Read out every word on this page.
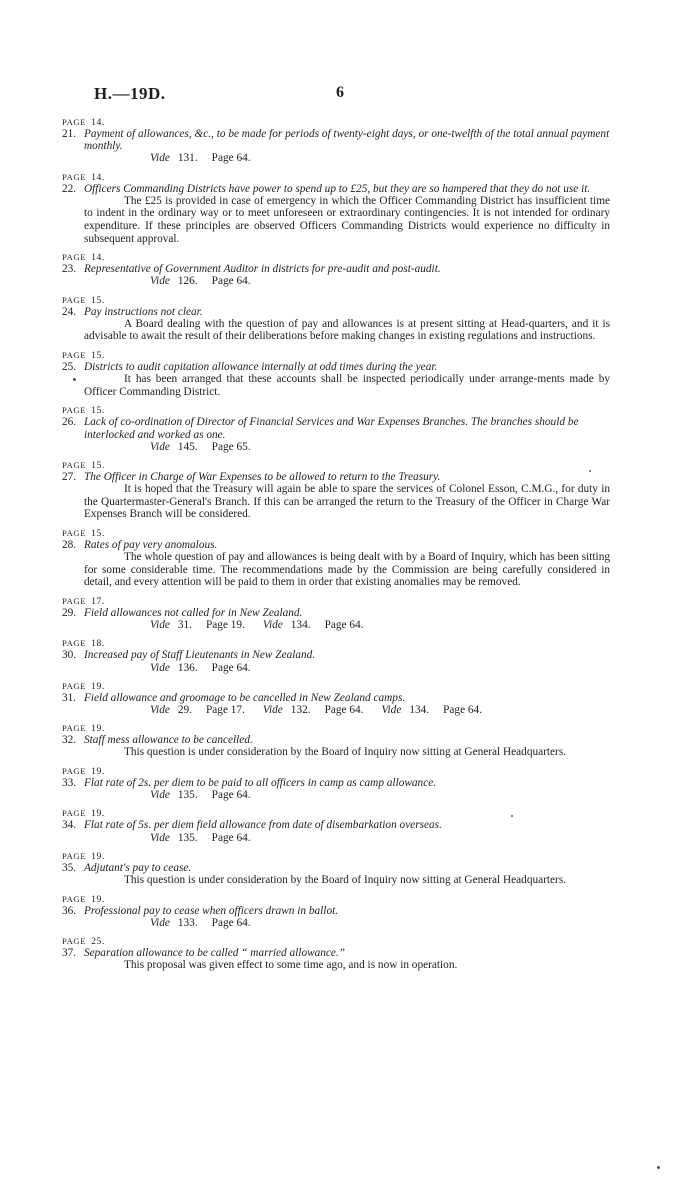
H.—19D.	6

PAGE 14.

21. Payment of allowances, &c., to be made for periods of twenty-eight days, or one-twelfth of the total annual payment monthly.

Vide 131. Page 64.

PAGE 14.

22. Officers Commanding Districts have power to spend up to £25, but they are so hampered that they do not use it.

The £25 is provided in case of emergency in which the Officer Commanding District has insufficient time to indent in the ordinary way or to meet unforeseen or extraordinary contingencies. It is not intended for ordinary expenditure. If these principles are observed Officers Commanding Districts would experience no difficulty in subsequent approval.

PAGE 14.

23. Representative of Government Auditor in districts for pre-audit and post-audit.

Vide 126. Page 64.

PAGE 15.

24. Pay instructions not clear.

A Board dealing with the question of pay and allowances is at present sitting at Head-quarters, and it is advisable to await the result of their deliberations before making changes in existing regulations and instructions.

PAGE 15.

25. Districts to audit capitation allowance internally at odd times during the year.

It has been arranged that these accounts shall be inspected periodically under arrange-ments made by Officer Commanding District.

PAGE 15.

26. Lack of co-ordination of Director of Financial Services and War Expenses Branches. The branches should be interlocked and worked as one.

Vide 145. Page 65.

PAGE 15.

27. The Officer in Charge of War Expenses to be allowed to return to the Treasury.

It is hoped that the Treasury will again be able to spare the services of Colonel Esson, C.M.G., for duty in the Quartermaster-General's Branch. If this can be arranged the return to the Treasury of the Officer in Charge War Expenses Branch will be considered.

PAGE 15.

28. Rates of pay very anomalous.

The whole question of pay and allowances is being dealt with by a Board of Inquiry, which has been sitting for some considerable time. The recommendations made by the Commission are being carefully considered in detail, and every attention will be paid to them in order that existing anomalies may be removed.

PAGE 17.

29. Field allowances not called for in New Zealand.

Vide 31. Page 19. Vide 134. Page 64.

PAGE 18.

30. Increased pay of Staff Lieutenants in New Zealand.

Vide 136. Page 64.

PAGE 19.

31. Field allowance and groomage to be cancelled in New Zealand camps.

Vide 29. Page 17. Vide 132. Page 64. Vide 134. Page 64.

PAGE 19.

32. Staff mess allowance to be cancelled.

This question is under consideration by the Board of Inquiry now sitting at General Headquarters.

PAGE 19.

33. Flat rate of 2s. per diem to be paid to all officers in camp as camp allowance.

Vide 135. Page 64.

PAGE 19.

34. Flat rate of 5s. per diem field allowance from date of disembarkation overseas.

Vide 135. Page 64.

PAGE 19.

35. Adjutant's pay to cease.

This question is under consideration by the Board of Inquiry now sitting at General Headquarters.

PAGE 19.

36. Professional pay to cease when officers drawn in ballot.

Vide 133. Page 64.

PAGE 25.

37. Separation allowance to be called “ married allowance.”

This proposal was given effect to some time ago, and is now in operation.
